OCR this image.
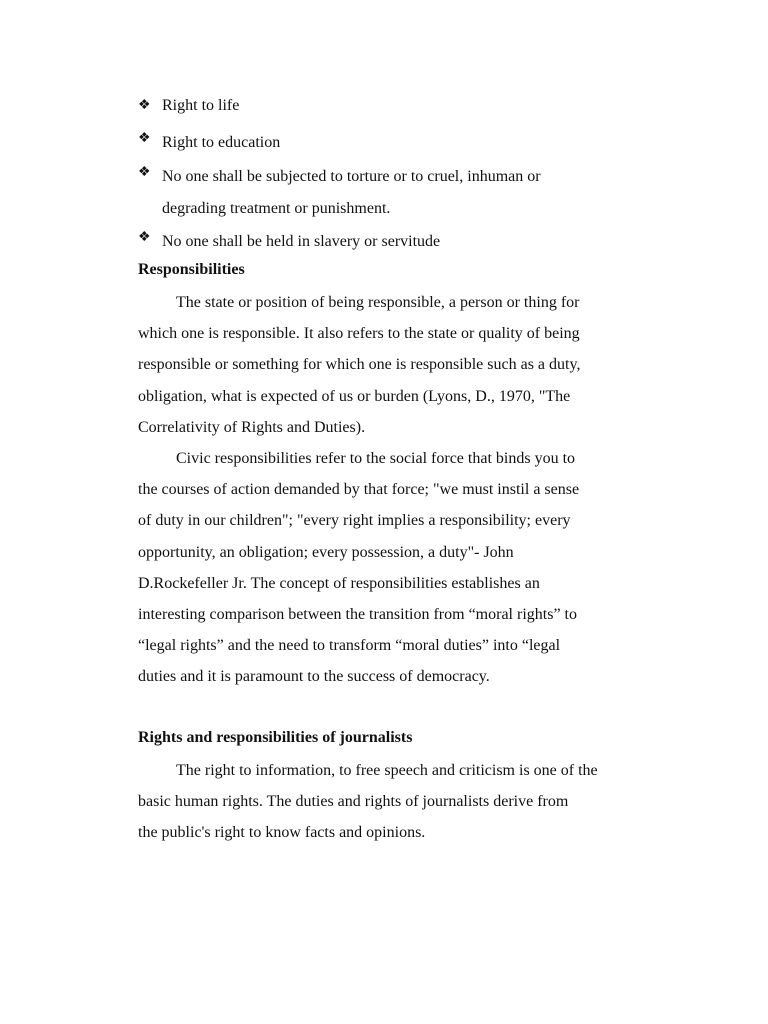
❖ Right to life
❖ Right to education
❖ No one shall be subjected to torture or to cruel, inhuman or
degrading treatment or punishment.
❖ No one shall be held in slavery or servitude
Responsibilities

The state or position of being responsible, a person or thing for
which one is responsible. It also refers to the state or quality of being
responsible or something for which one is responsible such as a duty,
obligation, what is expected of us or burden (Lyons, D., 1970, "The
Correlativity of Rights and Duties).

Civic responsibilities refer to the social force that binds you to
the courses of action demanded by that force; "we must instil a sense
of duty in our children"; "every right implies a responsibility; every
opportunity, an obligation; every possession, a duty"- John
D.Rockefeller Jr. The concept of responsibilities establishes an
interesting comparison between the transition from “moral rights” to
“legal rights” and the need to transform “moral duties” into “legal
duties and it is paramount to the success of democracy.

Rights and responsibilities of journalists

The right to information, to free speech and criticism is one of the
basic human rights. The duties and rights of journalists derive from
the public's right to know facts and opinions.
